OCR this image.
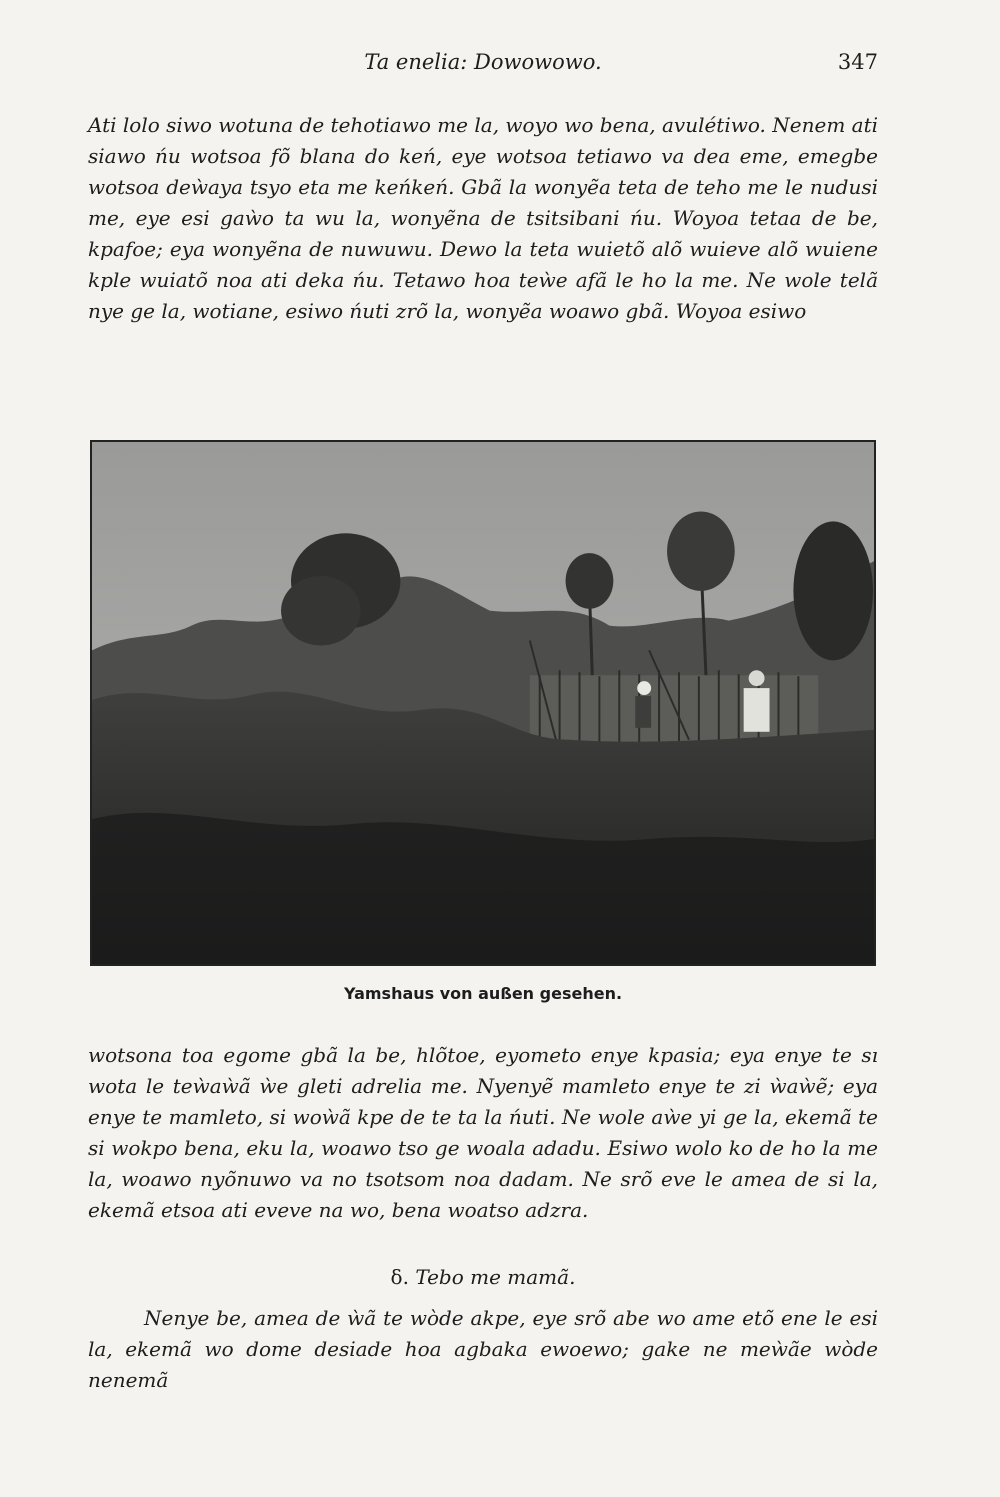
Ta enelia: Dowowowo.	347

Ati lolo siwo wotuna de tehotiawo me la, woyo wo bena, avulétiwo. Nenem ati siawo ńu wotsoa fõ blana do keń, eye wotsoa tetiawo va dea eme, emegbe wotsoa deẁaya tsyo eta me keńkeń. Gbã la wonyẽa teta de teho me le nudusi me, eye esi gaẁo ta wu la, wonyẽna de tsitsibani ńu. Woyoa tetaa de be, kpafoe; eya wonyẽna de nuwuwu. Dewo la teta wuietõ alõ wuieve alõ wuiene kple wuiatõ noa ati deka ńu. Tetawo hoa teẁe afã le ho la me. Ne wole telã nye ge la, wotiane, esiwo ńuti zrõ la, wonyẽa woawo gbã. Woyoa esiwo

Yamshaus von außen gesehen.

wotsona toa egome gbã la be, hlõtoe, eyometo enye kpasia; eya enye te sı wota le teẁaẁã ẁe gleti adrelia me. Nyenyẽ mamleto enye te zi ẁaẁẽ; eya enye te mamleto, si woẁã kpe de te ta la ńuti. Ne wole aẁe yi ge la, ekemã te si wokpo bena, eku la, woawo tso ge woala adadu. Esiwo wolo ko de ho la me la, woawo nyõnuwo va no tsotsom noa dadam. Ne srõ eve le amea de si la, ekemã etsoa ati eveve na wo, bena woatso adzra.

δ. Tebo me mamã.

Nenye be, amea de ẁã te wòde akpe, eye srõ abe wo ame etõ ene le esi la, ekemã wo dome desiade hoa agbaka ewoewo; gake ne meẁãe wòde nenemã
